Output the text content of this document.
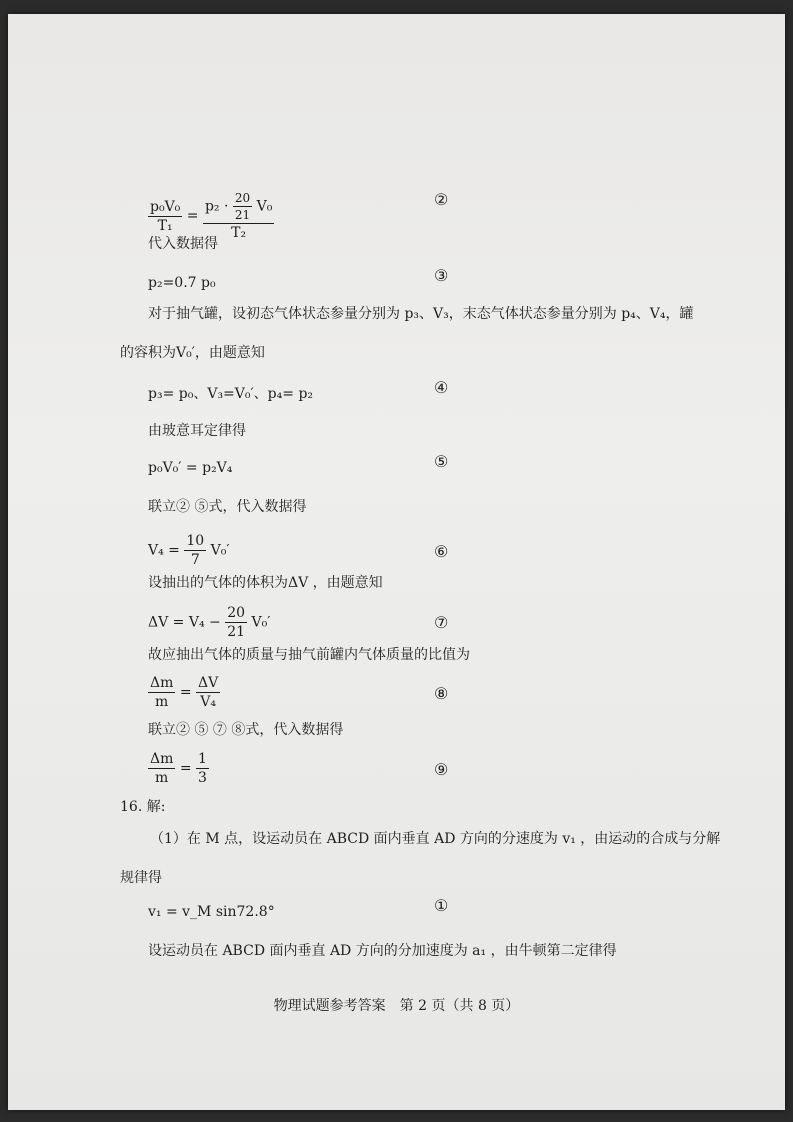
$\frac{\text{p₀V₀}}{\text{T₁}} = \frac{p_2 \cdot \frac{20}{21} V_0}{\text{T₂}}$	②
代入数据得
p₂=0.7 p₀	③
对于抽气罐，设初态气体状态参量分别为 p₃、V₃，末态气体状态参量分别为 p₄、V₄，罐
的容积为V₀′，由题意知
p₃= p₀、V₃=V₀′、p₄= p₂	④
由玻意耳定律得
p₀V₀′ = p₂V₄	⑤
联立② ⑤式，代入数据得
$V_4 = \frac{10}{7} V_0'$	⑥
设抽出的气体的体积为ΔV ，由题意知
$\Delta V = V_4 - \frac{20}{21} V_0'$	⑦
故应抽出气体的质量与抽气前罐内气体质量的比值为
$\frac{\Delta m}{m} = \frac{\Delta V}{\text{V₄}}$	⑧
联立② ⑤ ⑦ ⑧式，代入数据得
$\frac{\Delta m}{m} = \frac{1}{3}$	⑨
16. 解:
（1）在 M 点，设运动员在 ABCD 面内垂直 AD 方向的分速度为 v₁ ，由运动的合成与分解
规律得
v₁ = v_M sin72.8°	①
设运动员在 ABCD 面内垂直 AD 方向的分加速度为 a₁ ，由牛顿第二定律得
物理试题参考答案　第 2 页（共 8 页）
